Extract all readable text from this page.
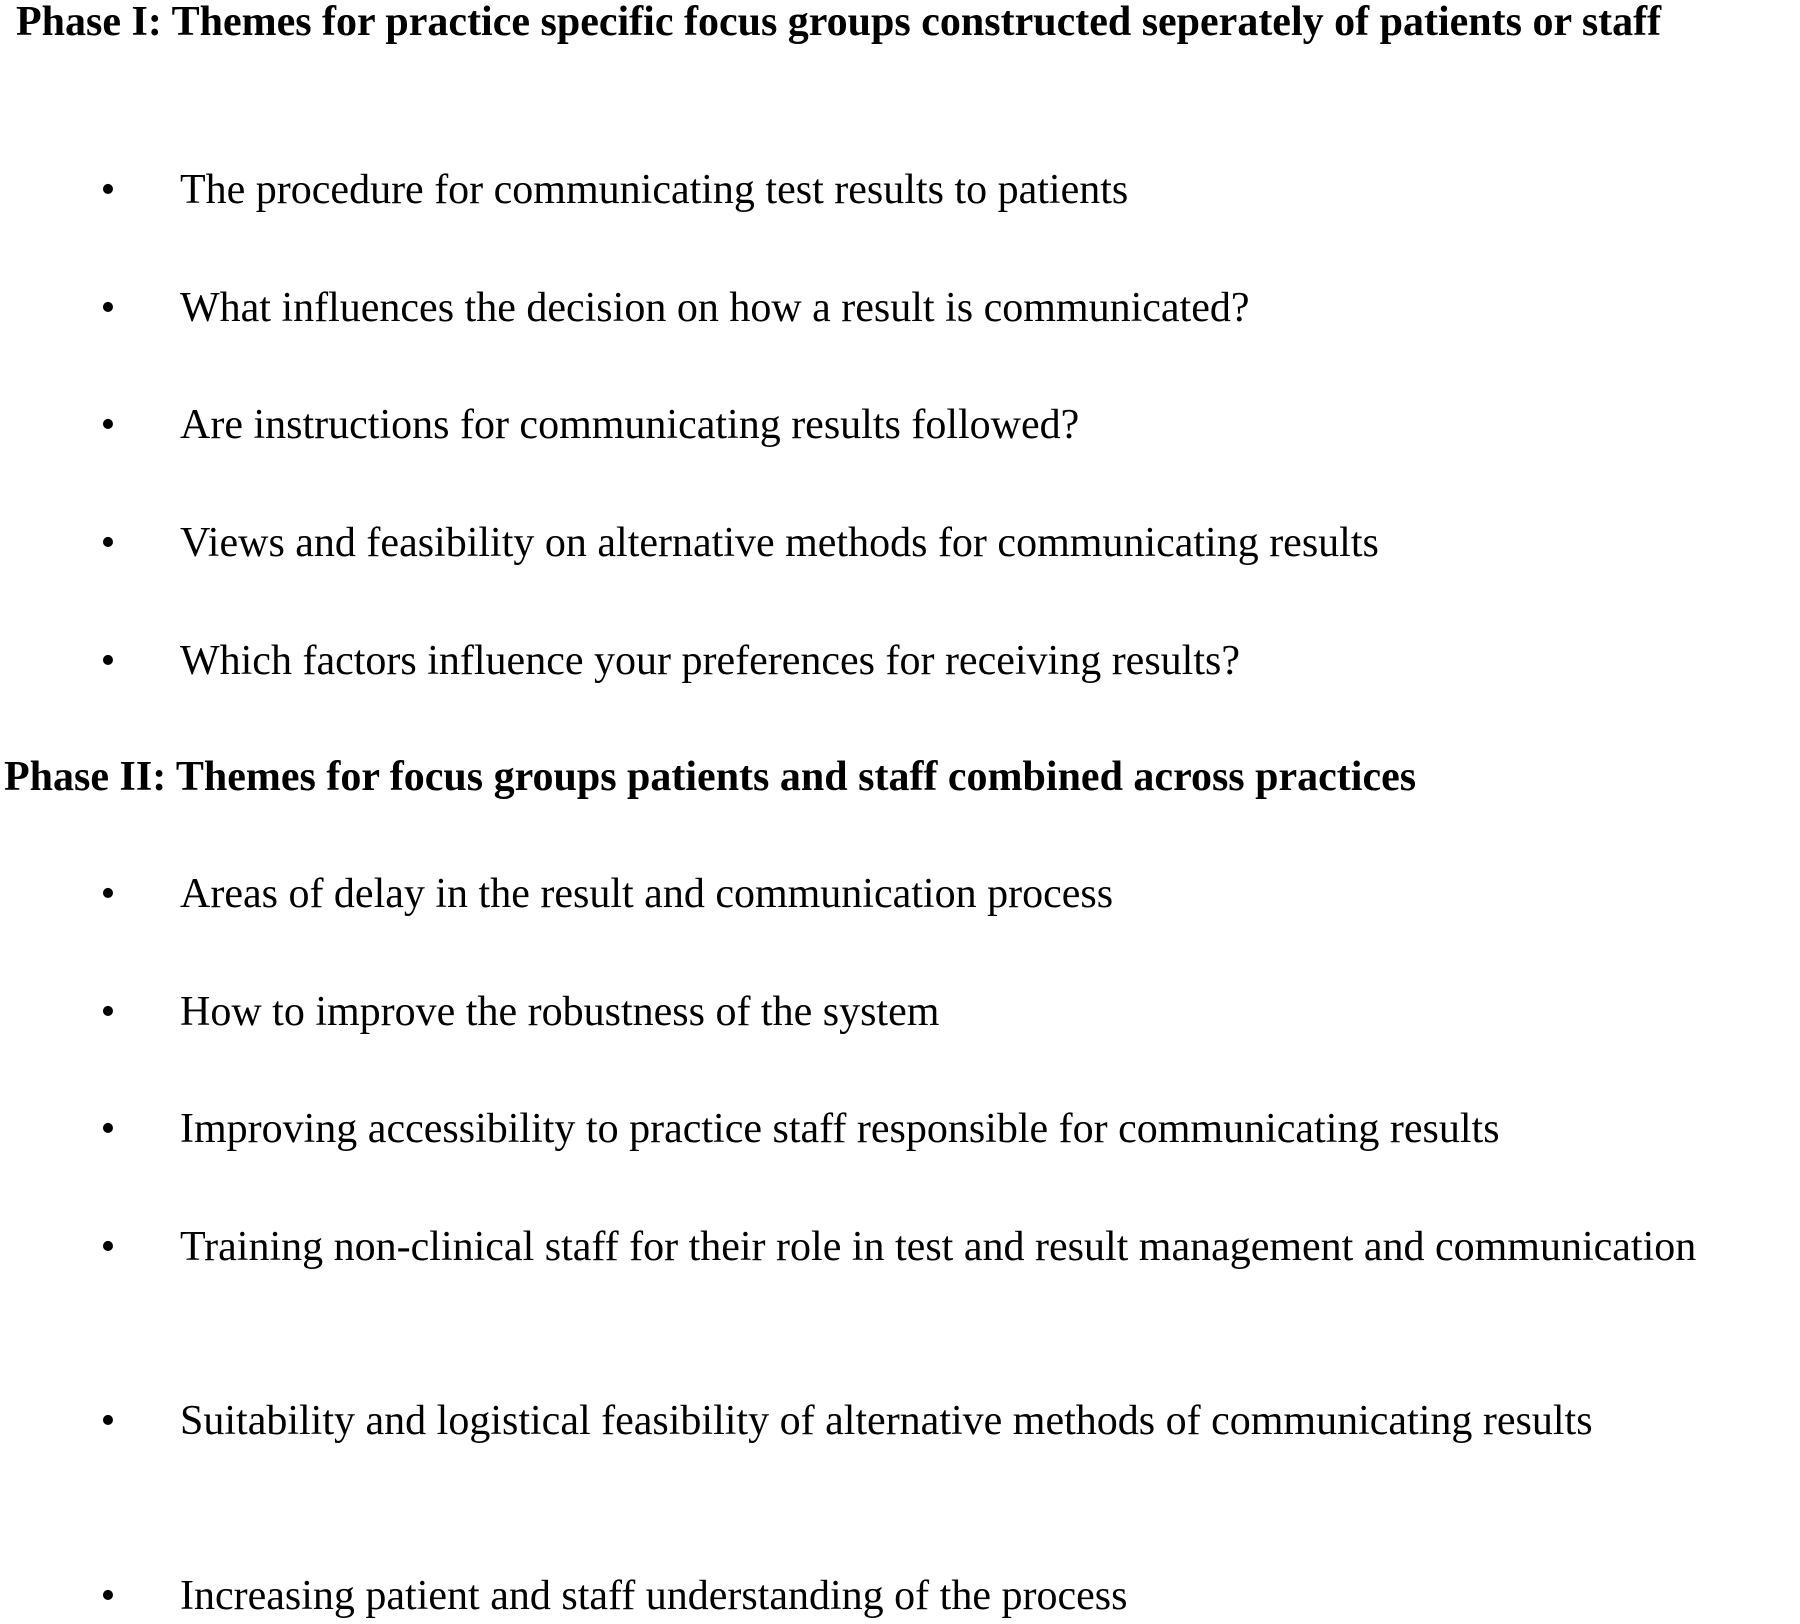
Phase I: Themes for practice specific focus groups constructed seperately of patients or staff
• The procedure for communicating test results to patients
• What influences the decision on how a result is communicated?
• Are instructions for communicating results followed?
• Views and feasibility on alternative methods for communicating results
• Which factors influence your preferences for receiving results?
Phase II: Themes for focus groups patients and staff combined across practices
• Areas of delay in the result and communication process
• How to improve the robustness of the system
• Improving accessibility to practice staff responsible for communicating results
• Training non-clinical staff for their role in test and result management and communication
• Suitability and logistical feasibility of alternative methods of communicating results
• Increasing patient and staff understanding of the process
